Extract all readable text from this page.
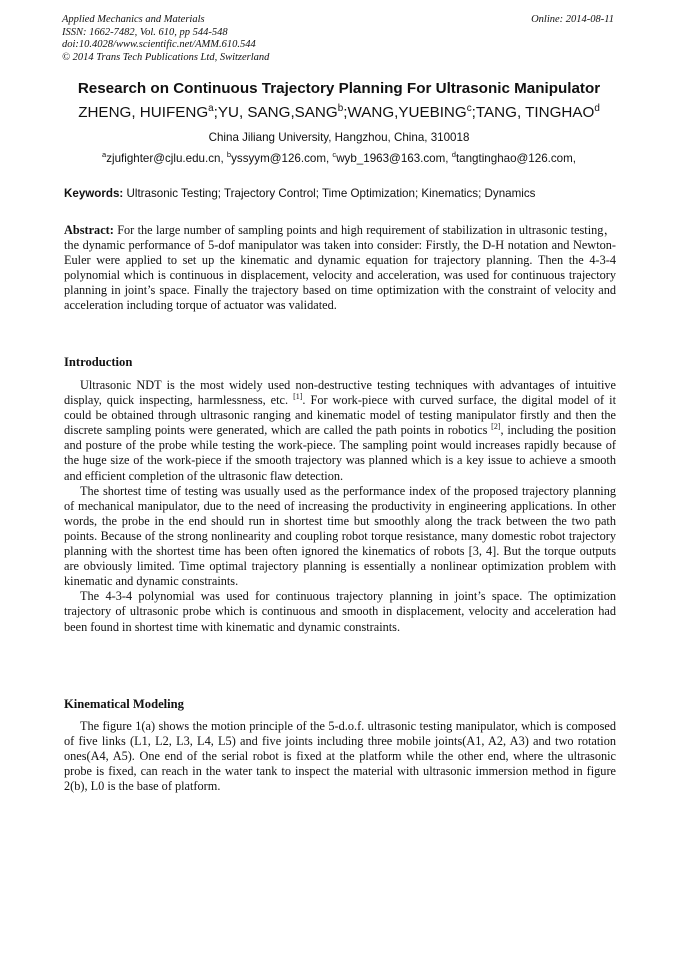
Applied Mechanics and Materials
ISSN: 1662-7482, Vol. 610, pp 544-548
doi:10.4028/www.scientific.net/AMM.610.544
© 2014 Trans Tech Publications Ltd, Switzerland
Online: 2014-08-11
Research on Continuous Trajectory Planning For Ultrasonic Manipulator
ZHENG, HUIFENG$^a$;YU, SANG,SANG$^b$;WANG,YUEBING$^c$;TANG, TINGHAO$^d$
China Jiliang University, Hangzhou, China, 310018
$^a$zjufighter@cjlu.edu.cn, $^b$yssyym@126.com, $^c$wyb_1963@163.com, $^d$tangtinghao@126.com,
Keywords: Ultrasonic Testing; Trajectory Control; Time Optimization; Kinematics; Dynamics
Abstract: For the large number of sampling points and high requirement of stabilization in ultrasonic testing，the dynamic performance of 5-dof manipulator was taken into consider: Firstly, the D-H notation and Newton-Euler were applied to set up the kinematic and dynamic equation for trajectory planning. Then the 4-3-4 polynomial which is continuous in displacement, velocity and acceleration, was used for continuous trajectory planning in joint’s space. Finally the trajectory based on time optimization with the constraint of velocity and acceleration including torque of actuator was validated.
Introduction

Ultrasonic NDT is the most widely used non-destructive testing techniques with advantages of intuitive display, quick inspecting, harmlessness, etc. [1]. For work-piece with curved surface, the digital model of it could be obtained through ultrasonic ranging and kinematic model of testing manipulator firstly and then the discrete sampling points were generated, which are called the path points in robotics [2], including the position and posture of the probe while testing the work-piece. The sampling point would increases rapidly because of the huge size of the work-piece if the smooth trajectory was planned which is a key issue to achieve a smooth and efficient completion of the ultrasonic flaw detection.

The shortest time of testing was usually used as the performance index of the proposed trajectory planning of mechanical manipulator, due to the need of increasing the productivity in engineering applications. In other words, the probe in the end should run in shortest time but smoothly along the track between the two path points. Because of the strong nonlinearity and coupling robot torque resistance, many domestic robot trajectory planning with the shortest time has been often ignored the kinematics of robots [3, 4]. But the torque outputs are obviously limited. Time optimal trajectory planning is essentially a nonlinear optimization problem with kinematic and dynamic constraints.

The 4-3-4 polynomial was used for continuous trajectory planning in joint’s space. The optimization trajectory of ultrasonic probe which is continuous and smooth in displacement, velocity and acceleration had been found in shortest time with kinematic and dynamic constraints.

Kinematical Modeling

The figure 1(a) shows the motion principle of the 5-d.o.f. ultrasonic testing manipulator, which is composed of five links (L1, L2, L3, L4, L5) and five joints including three mobile joints(A1, A2, A3) and two rotation ones(A4, A5). One end of the serial robot is fixed at the platform while the other end, where the ultrasonic probe is fixed, can reach in the water tank to inspect the material with ultrasonic immersion method in figure 2(b), L0 is the base of platform.
